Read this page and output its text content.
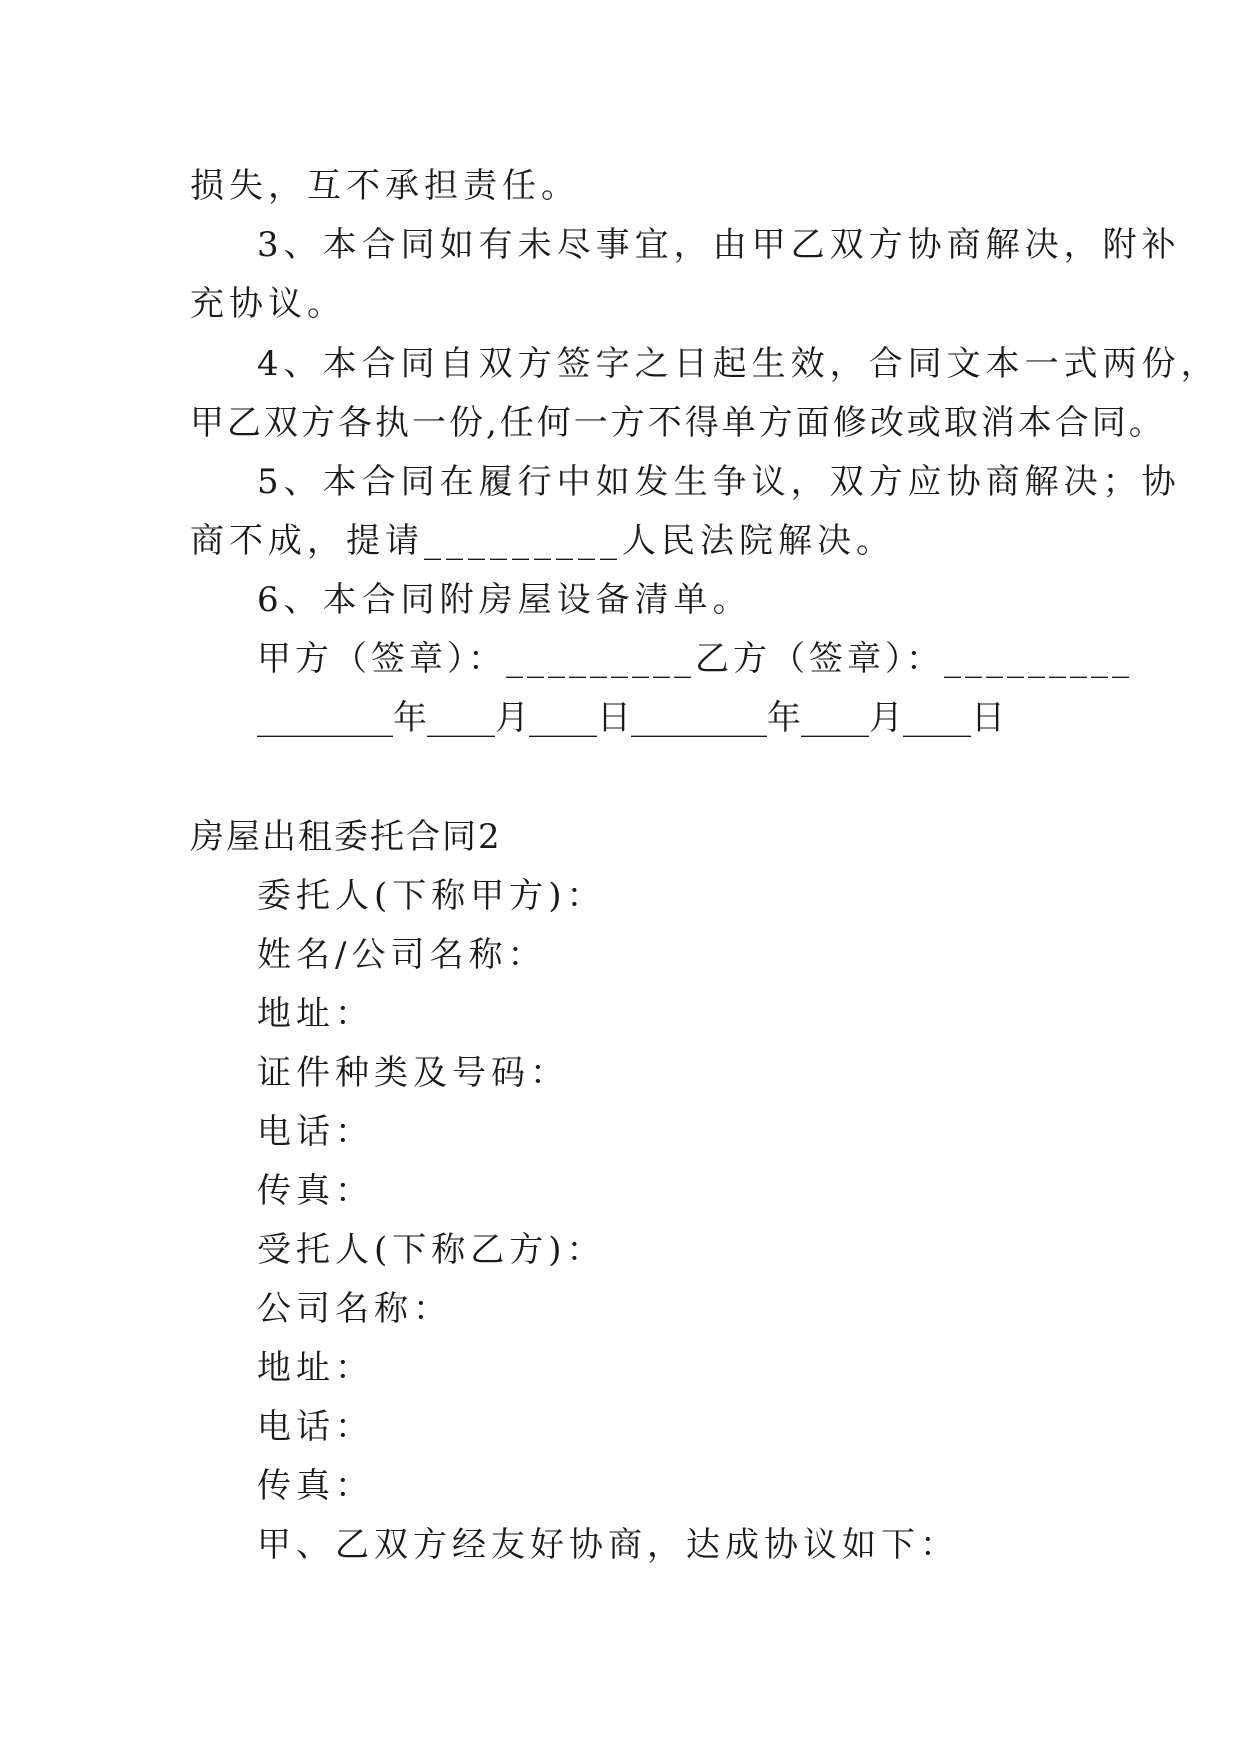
损失，互不承担责任。
3、本合同如有未尽事宜，由甲乙双方协商解决，附补
充协议。
4、本合同自双方签字之日起生效，合同文本一式两份，
甲乙双方各执一份,任何一方不得单方面修改或取消本合同。
5、本合同在履行中如发生争议，双方应协商解决；协
商不成，提请_________人民法院解决。
6、本合同附房屋设备清单。
甲方（签章）：_________乙方（签章）：_________
________年____月____日________年____月____日
房屋出租委托合同2
委托人(下称甲方)：
姓名/公司名称：
地址：
证件种类及号码：
电话：
传真：
受托人(下称乙方)：
公司名称：
地址：
电话：
传真：
甲、乙双方经友好协商，达成协议如下：
